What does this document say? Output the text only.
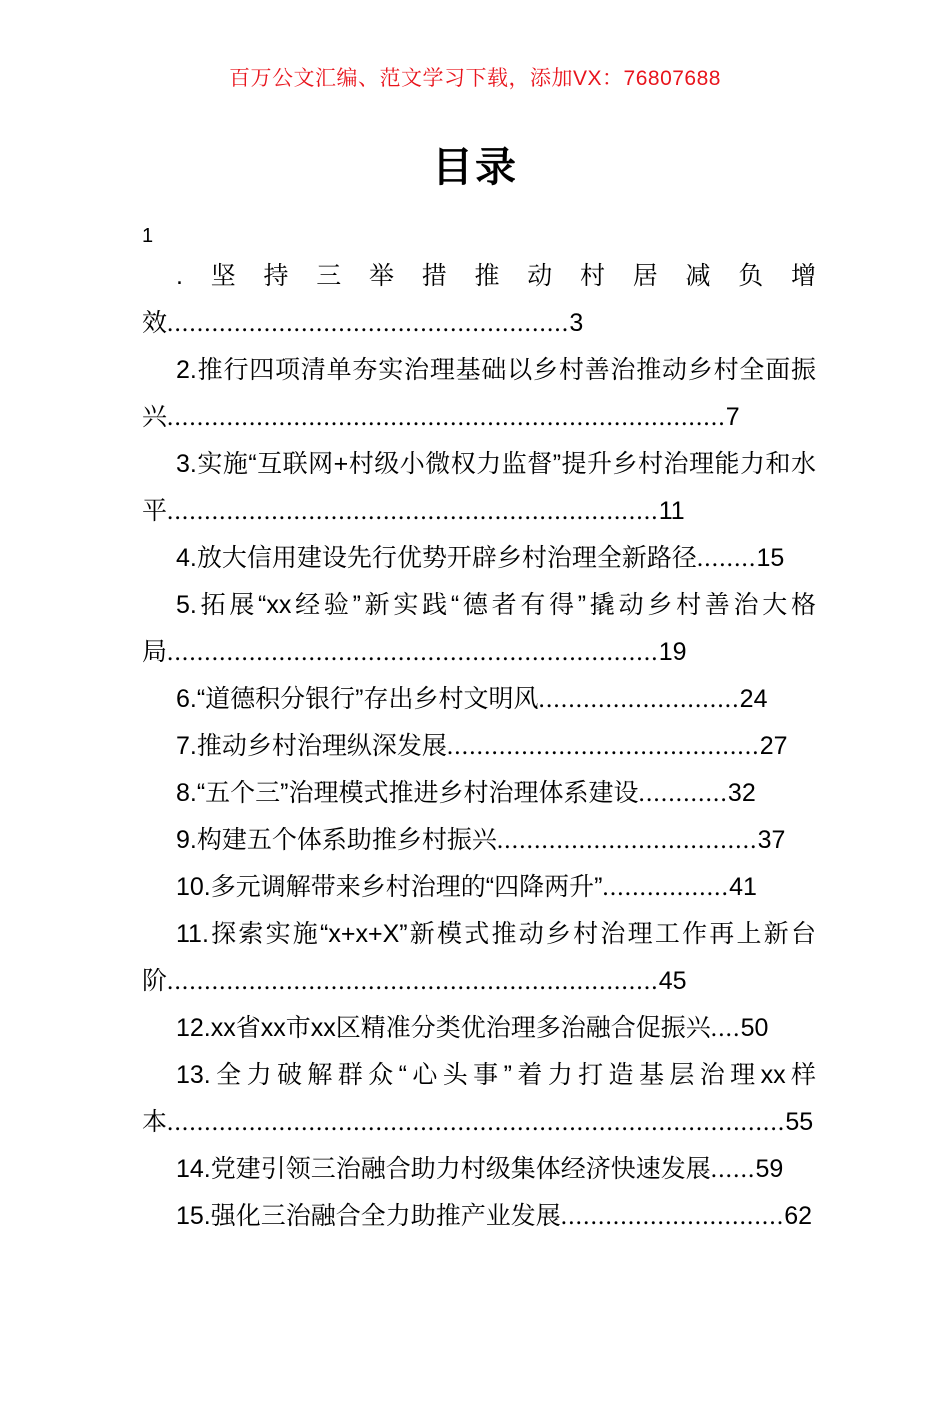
百万公文汇编、范文学习下载，添加VX：76807688
目录
1
.坚持三举措推动村居减负增效......................................................3
2.推行四项清单夯实治理基础以乡村善治推动乡村全面振兴...........................................................................7
3.实施“互联网+村级小微权力监督”提升乡村治理能力和水平..................................................................11
4.放大信用建设先行优势开辟乡村治理全新路径........15
5.拓展“xx经验”新实践“德者有得”撬动乡村善治大格局..................................................................19
6.“道德积分银行”存出乡村文明风...........................24
7.推动乡村治理纵深发展..........................................27
8.“五个三”治理模式推进乡村治理体系建设............32
9.构建五个体系助推乡村振兴...................................37
10.多元调解带来乡村治理的“四降两升”.................41
11.探索实施“x+x+X”新模式推动乡村治理工作再上新台阶..................................................................45
12.xx省xx市xx区精准分类优治理多治融合促振兴....50
13.全力破解群众“心头事”着力打造基层治理xx样本...................................................................................55
14.党建引领三治融合助力村级集体经济快速发展......59
15.强化三治融合全力助推产业发展..............................62
